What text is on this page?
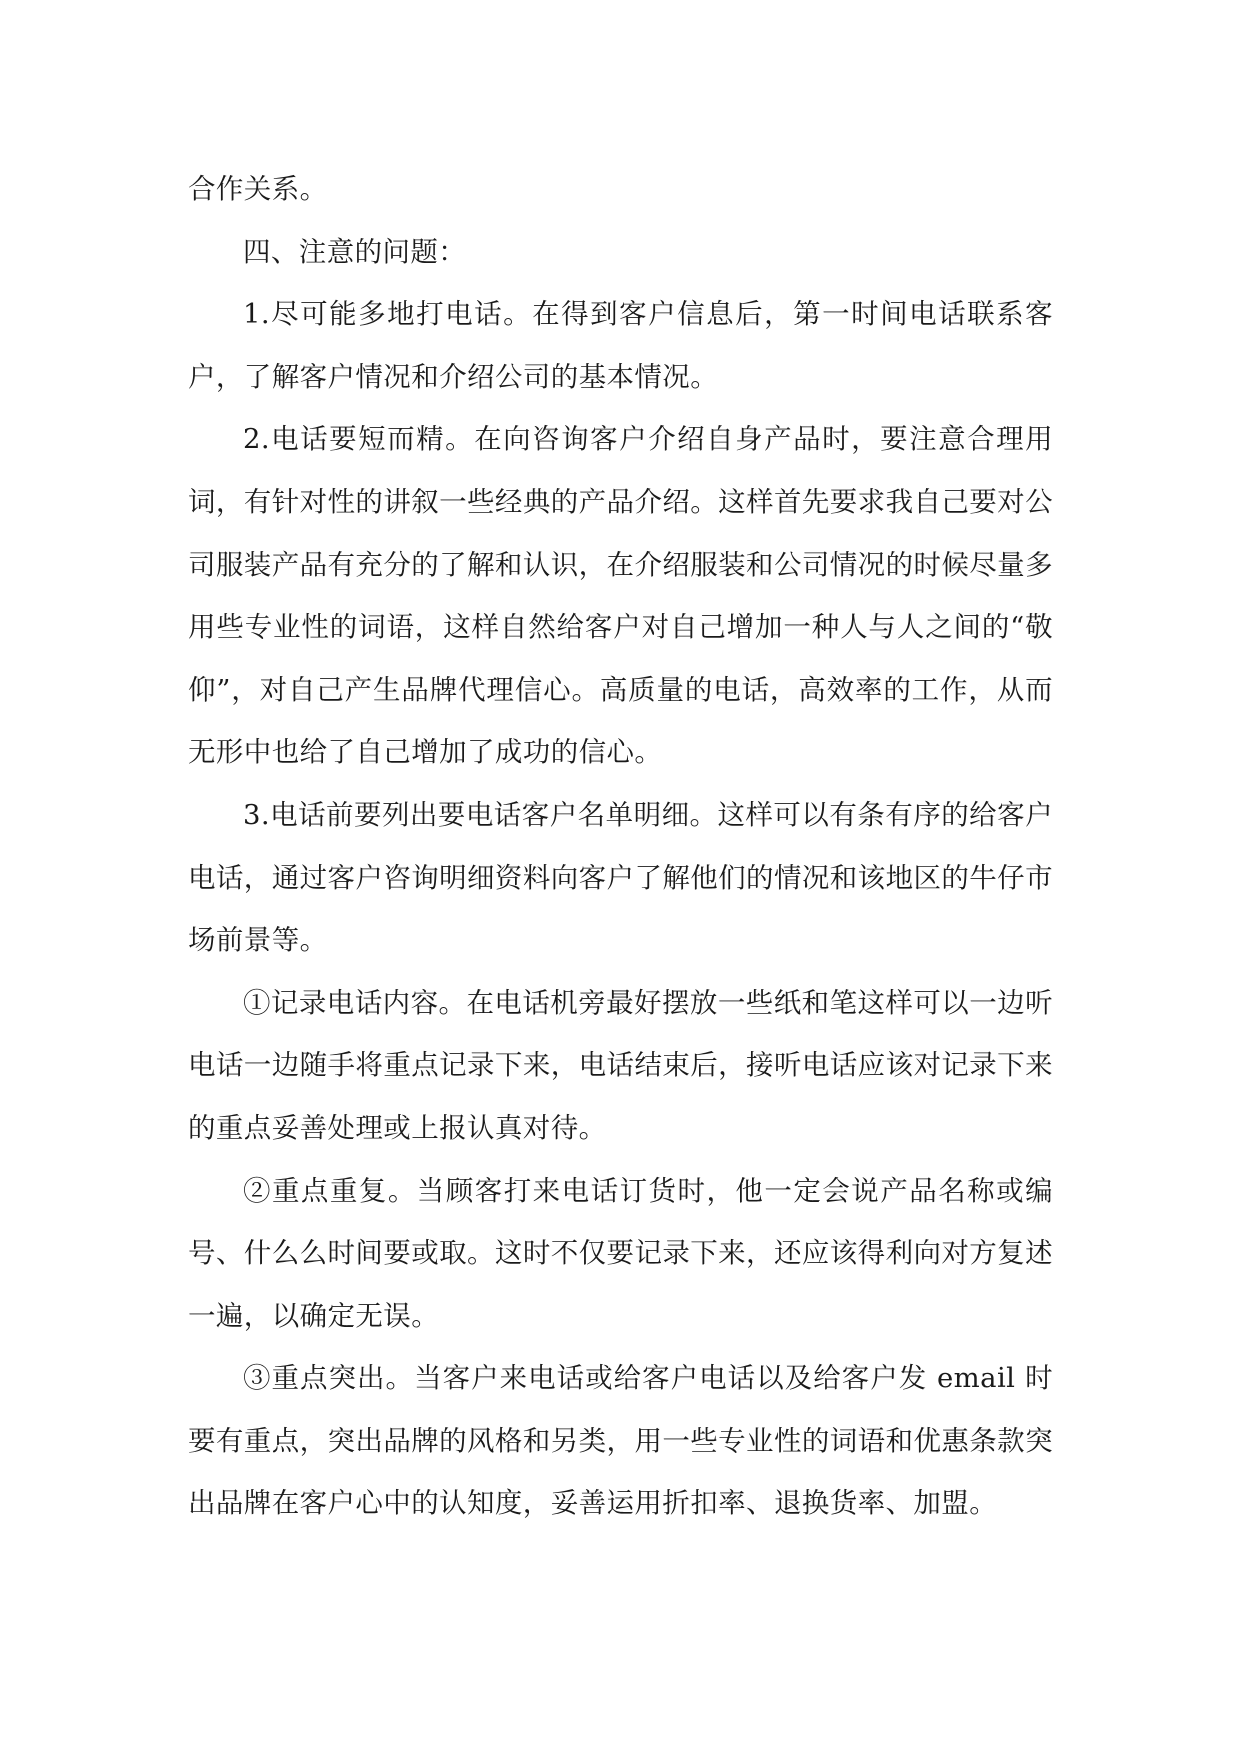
合作关系。

四、注意的问题：

1.尽可能多地打电话。在得到客户信息后，第一时间电话联系客户，了解客户情况和介绍公司的基本情况。

2.电话要短而精。在向咨询客户介绍自身产品时，要注意合理用词，有针对性的讲叙一些经典的产品介绍。这样首先要求我自己要对公司服装产品有充分的了解和认识，在介绍服装和公司情况的时候尽量多用些专业性的词语，这样自然给客户对自己增加一种人与人之间的“敬仰”，对自己产生品牌代理信心。高质量的电话，高效率的工作，从而无形中也给了自己增加了成功的信心。

3.电话前要列出要电话客户名单明细。这样可以有条有序的给客户电话，通过客户咨询明细资料向客户了解他们的情况和该地区的牛仔市场前景等。

①记录电话内容。在电话机旁最好摆放一些纸和笔这样可以一边听电话一边随手将重点记录下来，电话结束后，接听电话应该对记录下来的重点妥善处理或上报认真对待。

②重点重复。当顾客打来电话订货时，他一定会说产品名称或编号、什么么时间要或取。这时不仅要记录下来，还应该得利向对方复述一遍，以确定无误。

③重点突出。当客户来电话或给客户电话以及给客户发 email 时要有重点，突出品牌的风格和另类，用一些专业性的词语和优惠条款突出品牌在客户心中的认知度，妥善运用折扣率、退换货率、加盟。
